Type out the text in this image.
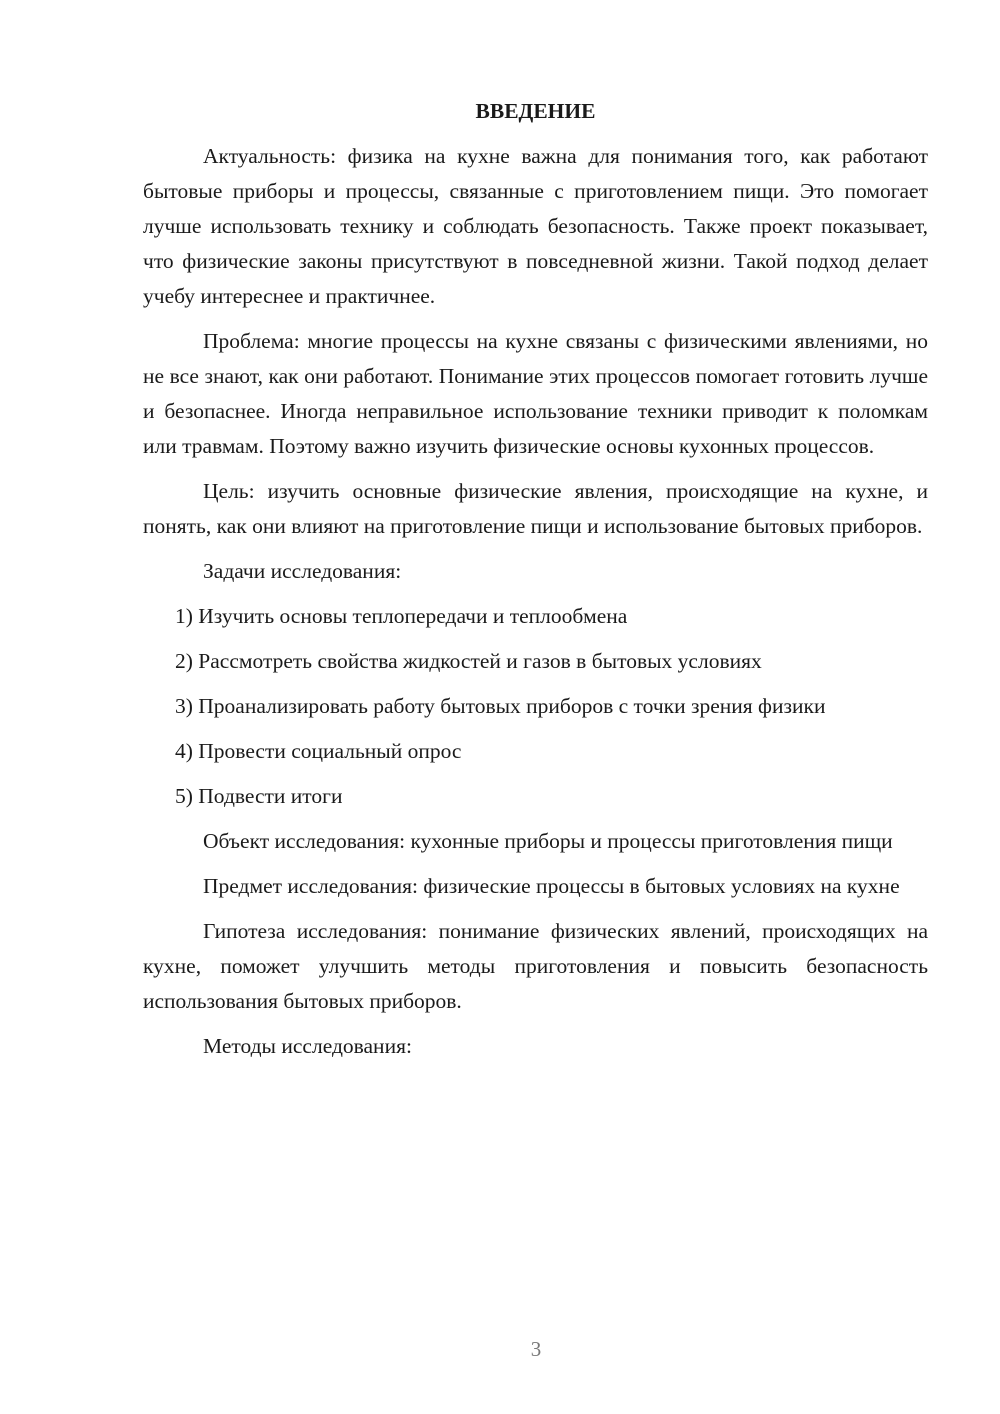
ВВЕДЕНИЕ

Актуальность: физика на кухне важна для понимания того, как работают бытовые приборы и процессы, связанные с приготовлением пищи. Это помогает лучше использовать технику и соблюдать безопасность. Также проект показывает, что физические законы присутствуют в повседневной жизни. Такой подход делает учебу интереснее и практичнее.

Проблема: многие процессы на кухне связаны с физическими явлениями, но не все знают, как они работают. Понимание этих процессов помогает готовить лучше и безопаснее. Иногда неправильное использование техники приводит к поломкам или травмам. Поэтому важно изучить физические основы кухонных процессов.

Цель: изучить основные физические явления, происходящие на кухне, и понять, как они влияют на приготовление пищи и использование бытовых приборов.

Задачи исследования:

1) Изучить основы теплопередачи и теплообмена

2) Рассмотреть свойства жидкостей и газов в бытовых условиях

3) Проанализировать работу бытовых приборов с точки зрения физики

4) Провести социальный опрос

5) Подвести итоги

Объект исследования: кухонные приборы и процессы приготовления пищи

Предмет исследования: физические процессы в бытовых условиях на кухне

Гипотеза исследования: понимание физических явлений, происходящих на кухне, поможет улучшить методы приготовления и повысить безопасность использования бытовых приборов.

Методы исследования:

3
